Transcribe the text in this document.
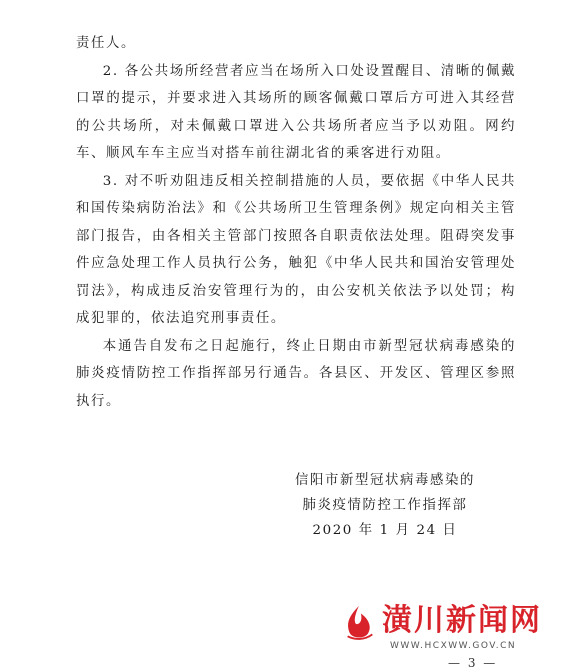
责任人。

2. 各公共场所经营者应当在场所入口处设置醒目、清晰的佩戴口罩的提示，并要求进入其场所的顾客佩戴口罩后方可进入其经营的公共场所，对未佩戴口罩进入公共场所者应当予以劝阻。网约车、顺风车车主应当对搭车前往湖北省的乘客进行劝阻。

3. 对不听劝阻违反相关控制措施的人员，要依据《中华人民共和国传染病防治法》和《公共场所卫生管理条例》规定向相关主管部门报告，由各相关主管部门按照各自职责依法处理。阻碍突发事件应急处理工作人员执行公务，触犯《中华人民共和国治安管理处罚法》，构成违反治安管理行为的，由公安机关依法予以处罚；构成犯罪的，依法追究刑事责任。

本通告自发布之日起施行，终止日期由市新型冠状病毒感染的肺炎疫情防控工作指挥部另行通告。各县区、开发区、管理区参照执行。

信阳市新型冠状病毒感染的
肺炎疫情防控工作指挥部
2020 年 1 月 24 日
潢川新闻网
WWW.HCXWW.GOV.CN
— 3 —
